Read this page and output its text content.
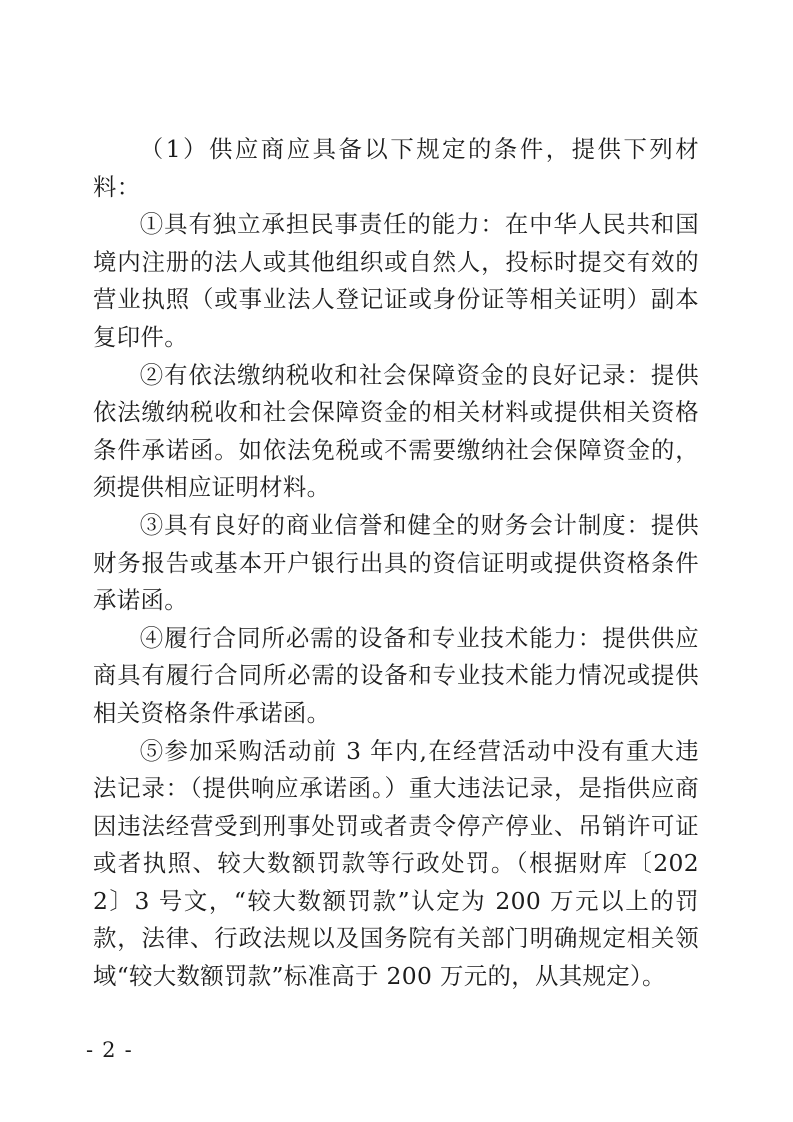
（1）供应商应具备以下规定的条件，提供下列材料：

①具有独立承担民事责任的能力：在中华人民共和国境内注册的法人或其他组织或自然人，投标时提交有效的营业执照（或事业法人登记证或身份证等相关证明）副本复印件。

②有依法缴纳税收和社会保障资金的良好记录：提供依法缴纳税收和社会保障资金的相关材料或提供相关资格条件承诺函。如依法免税或不需要缴纳社会保障资金的，须提供相应证明材料。

③具有良好的商业信誉和健全的财务会计制度：提供财务报告或基本开户银行出具的资信证明或提供资格条件承诺函。

④履行合同所必需的设备和专业技术能力：提供供应商具有履行合同所必需的设备和专业技术能力情况或提供相关资格条件承诺函。

⑤参加采购活动前 3 年内,在经营活动中没有重大违法记录：（提供响应承诺函。）重大违法记录，是指供应商因违法经营受到刑事处罚或者责令停产停业、吊销许可证或者执照、较大数额罚款等行政处罚。（根据财库〔2022〕3 号文，“较大数额罚款”认定为 200 万元以上的罚款，法律、行政法规以及国务院有关部门明确规定相关领域“较大数额罚款”标准高于 200 万元的，从其规定）。

- 2 -
